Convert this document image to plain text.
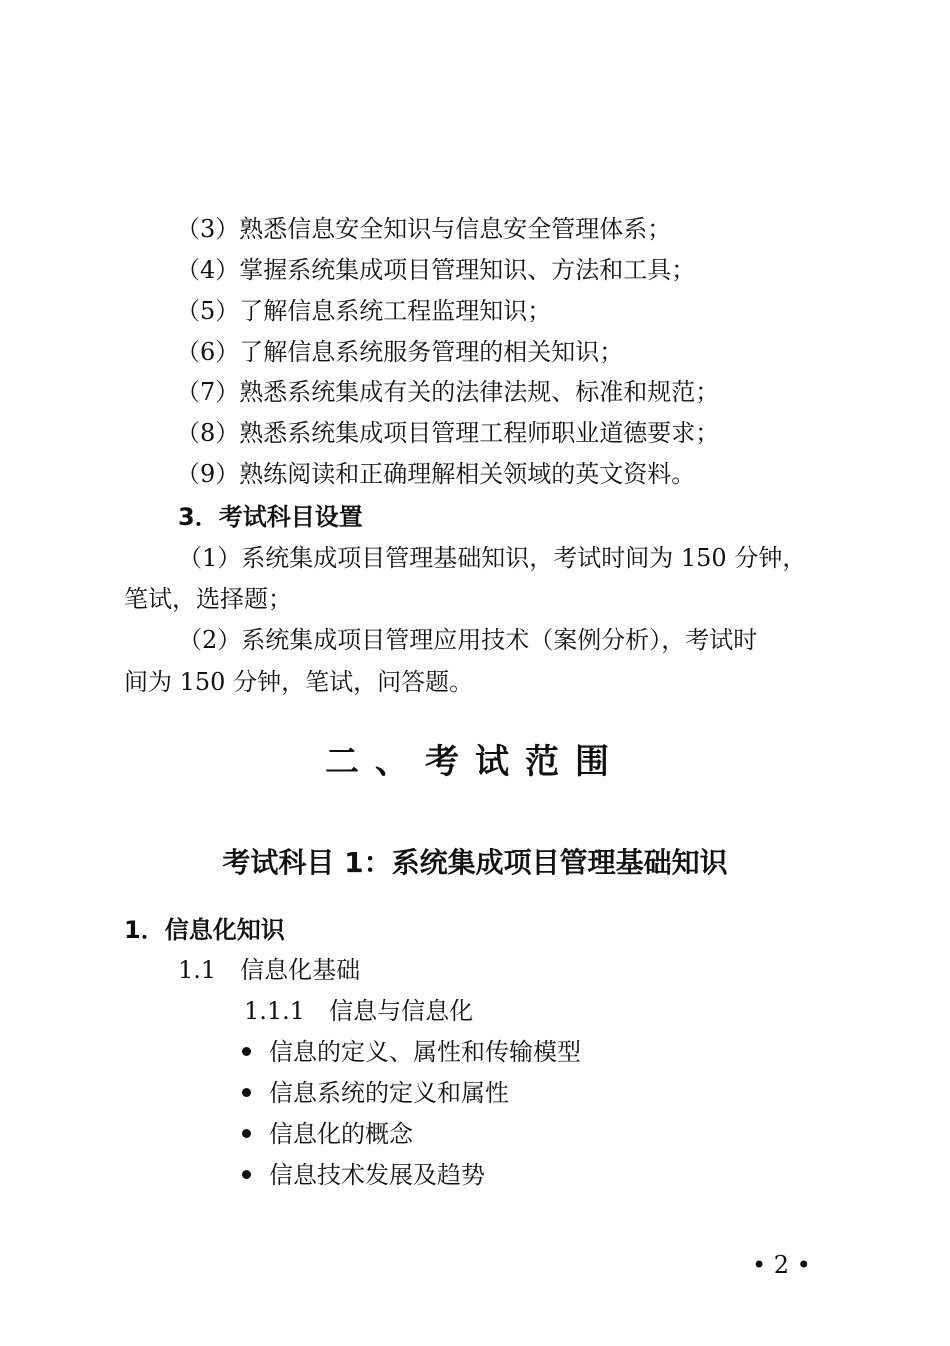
（3）熟悉信息安全知识与信息安全管理体系；
（4）掌握系统集成项目管理知识、方法和工具；
（5）了解信息系统工程监理知识；
（6）了解信息系统服务管理的相关知识；
（7）熟悉系统集成有关的法律法规、标准和规范；
（8）熟悉系统集成项目管理工程师职业道德要求；
（9）熟练阅读和正确理解相关领域的英文资料。
3．考试科目设置
（1）系统集成项目管理基础知识，考试时间为 150 分钟，
笔试，选择题；
（2）系统集成项目管理应用技术（案例分析），考试时
间为 150 分钟，笔试，问答题。
二、考试范围
考试科目 1：系统集成项目管理基础知识
1．信息化知识
1.1　信息化基础
1.1.1　信息与信息化
信息的定义、属性和传输模型
信息系统的定义和属性
信息化的概念
信息技术发展及趋势
• 2 •
